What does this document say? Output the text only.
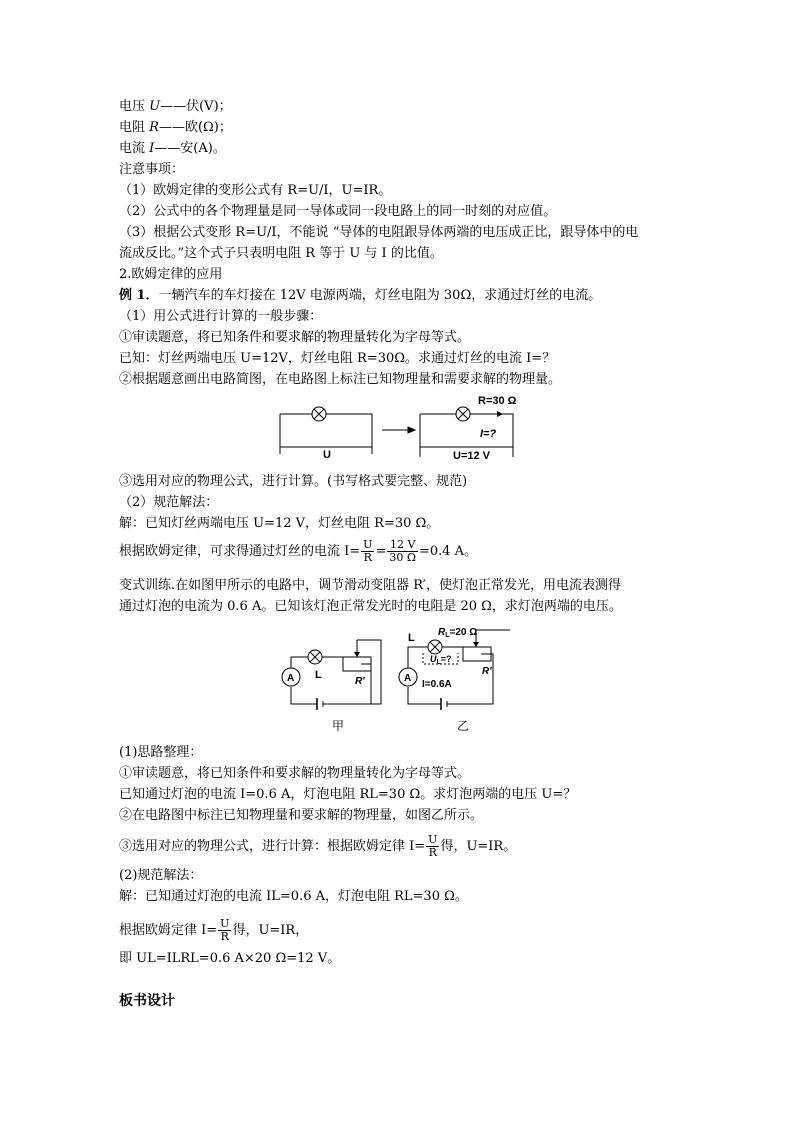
电压 U——伏(V)；
电阻 R——欧(Ω)；
电流 I——安(A)。
注意事项：
（1）欧姆定律的变形公式有 R=U/I，U=IR。
（2）公式中的各个物理量是同一导体或同一段电路上的同一时刻的对应值。
（3）根据公式变形 R=U/I，不能说 “导体的电阻跟导体两端的电压成正比，跟导体中的电
流成反比。”这个式子只表明电阻 R 等于 U 与 I 的比值。
2.欧姆定律的应用
例 1．一辆汽车的车灯接在 12V 电源两端，灯丝电阻为 30Ω，求通过灯丝的电流。
（1）用公式进行计算的一般步骤：
①审读题意，将已知条件和要求解的物理量转化为字母等式。
已知：灯丝两端电压 U=12V，灯丝电阻 R=30Ω。求通过灯丝的电流 I=？
②根据题意画出电路简图，在电路图上标注已知物理量和需要求解的物理量。
U
R=30 Ω
I=?
U=12 V
③选用对应的物理公式，进行计算。(书写格式要完整、规范)
（2）规范解法：
解：已知灯丝两端电压 U=12 V，灯丝电阻 R=30 Ω。
根据欧姆定律，可求得通过灯丝的电流 $I= \frac{U}{R} = \frac{12 V}{30 \Omega} =0.4$ A。
变式训练.在如图甲所示的电路中，调节滑动变阻器 R′，使灯泡正常发光，用电流表测得
通过灯泡的电流为 0.6 A。已知该灯泡正常发光时的电阻是 20 Ω，求灯泡两端的电压。
A L
R′
甲
A
L
R′
乙
$R_L=20$ Ω
$U_L=$?
I=0.6A
(1)思路整理：
①审读题意，将已知条件和要求解的物理量转化为字母等式。
已知通过灯泡的电流 I=0.6 A，灯泡电阻 RL=30 Ω。求灯泡两端的电压 U=？
②在电路图中标注已知物理量和要求解的物理量，如图乙所示。
③选用对应的物理公式，进行计算：根据欧姆定律 $I= \frac{U}{R}$ 得，U=IR。
(2)规范解法：
解：已知通过灯泡的电流 IL=0.6 A，灯泡电阻 RL=30 Ω。
根据欧姆定律 $I= \frac{U}{R}$ 得，U=IR，
即 UL=ILRL=0.6 A×20 Ω=12 V。
板书设计
